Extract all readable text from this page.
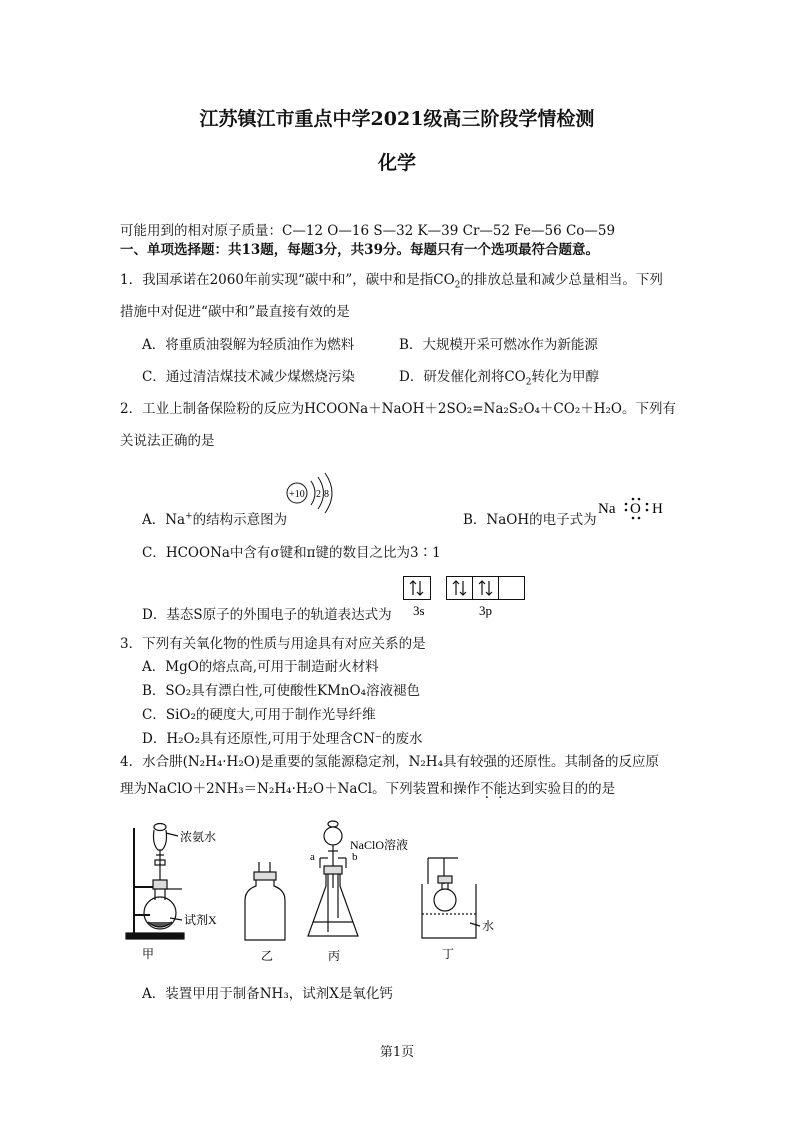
江苏镇江市重点中学2021级高三阶段学情检测
化学
可能用到的相对原子质量：C—12 O—16 S—32 K—39 Cr—52 Fe—56 Co—59
一、单项选择题：共13题，每题3分，共39分。每题只有一个选项最符合题意。
1．我国承诺在2060年前实现“碳中和”，碳中和是指$CO_2$的排放总量和减少总量相当。下列
措施中对促进“碳中和”最直接有效的是
A．将重质油裂解为轻质油作为燃料	B．大规模开采可燃冰作为新能源
C．通过清洁煤技术减少煤燃烧污染	D．研发催化剂将$CO_2$转化为甲醇
2．工业上制备保险粉的反应为HCOONa＋NaOH＋2SO₂=Na₂S₂O₄＋CO₂＋H₂O。下列有
关说法正确的是
A．Na+的结构示意图为
+10 2 8
B．NaOH的电子式为
Na O H
C．HCOONa中含有σ键和π键的数目之比为3∶1
D．基态S原子的外围电子的轨道表达式为 3s	3p
3．下列有关氧化物的性质与用途具有对应关系的是
A．MgO的熔点高,可用于制造耐火材料
B．SO₂具有漂白性,可使酸性KMnO₄溶液褪色
C．SiO₂的硬度大,可用于制作光导纤维
D．H₂O₂具有还原性,可用于处理含CN⁻的废水
4．水合肼(N₂H₄·H₂O)是重要的氢能源稳定剂，N₂H₄具有较强的还原性。其制备的反应原
理为NaClO＋2NH₃＝N₂H₄·H₂O＋NaCl。下列装置和操作不能达到实验目的的是
浓氨水
试剂X
甲	乙
NaClO溶液
a	b
丙
水
丁
A．装置甲用于制备NH₃，试剂X是氧化钙
第1页
